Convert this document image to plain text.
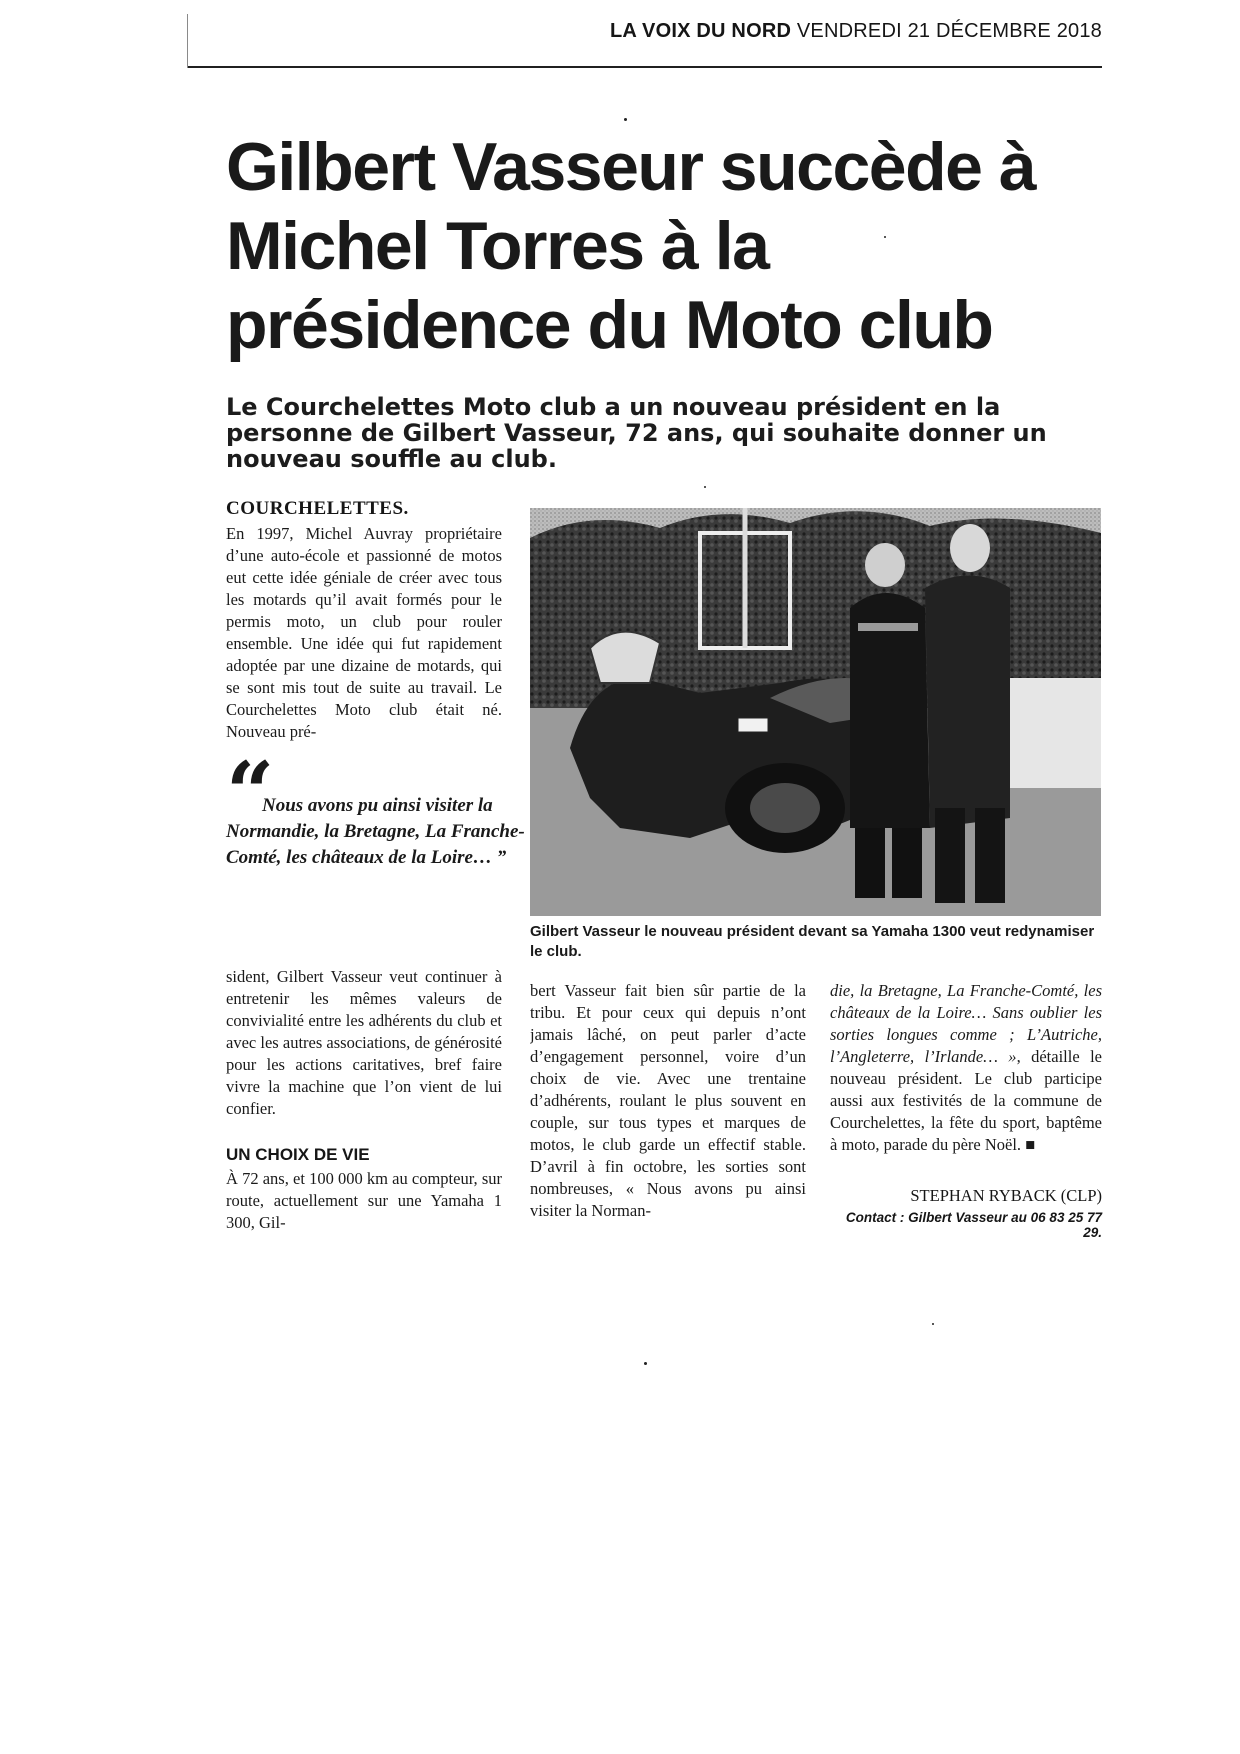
LA VOIX DU NORD VENDREDI 21 DÉCEMBRE 2018
Gilbert Vasseur succède à Michel Torres à la présidence du Moto club
Le Courchelettes Moto club a un nouveau président en la personne de Gilbert Vasseur, 72 ans, qui souhaite donner un nouveau souffle au club.
COURCHELETTES.
En 1997, Michel Auvray propriétaire d’une auto-école et passionné de motos eut cette idée géniale de créer avec tous les motards qu’il avait formés pour le permis moto, un club pour rouler ensemble. Une idée qui fut rapidement adoptée par une dizaine de motards, qui se sont mis tout de suite au travail. Le Courchelettes Moto club était né. Nouveau pré-
“
Nous avons pu ainsi visiter la Normandie, la Bretagne, La Franche-Comté, les châteaux de la Loire… ”
Gilbert Vasseur le nouveau président devant sa Yamaha 1300 veut redynamiser le club.
sident, Gilbert Vasseur veut continuer à entretenir les mêmes valeurs de convivialité entre les adhérents du club et avec les autres associations, de générosité pour les actions caritatives, bref faire vivre la machine que l’on vient de lui confier.
UN CHOIX DE VIE
À 72 ans, et 100 000 km au compteur, sur route, actuellement sur une Yamaha 1 300, Gil-
bert Vasseur fait bien sûr partie de la tribu. Et pour ceux qui depuis n’ont jamais lâché, on peut parler d’acte d’engagement personnel, voire d’un choix de vie. Avec une trentaine d’adhérents, roulant le plus souvent en couple, sur tous types et marques de motos, le club garde un effectif stable. D’avril à fin octobre, les sorties sont nombreuses, « Nous avons pu ainsi visiter la Norman-
die, la Bretagne, La Franche-Comté, les châteaux de la Loire… Sans oublier les sorties longues comme ; L’Autriche, l’Angleterre, l’Irlande… », détaille le nouveau président. Le club participe aussi aux festivités de la commune de Courchelettes, la fête du sport, baptême à moto, parade du père Noël. ■
STEPHAN RYBACK (CLP)
Contact : Gilbert Vasseur au 06 83 25 77 29.
